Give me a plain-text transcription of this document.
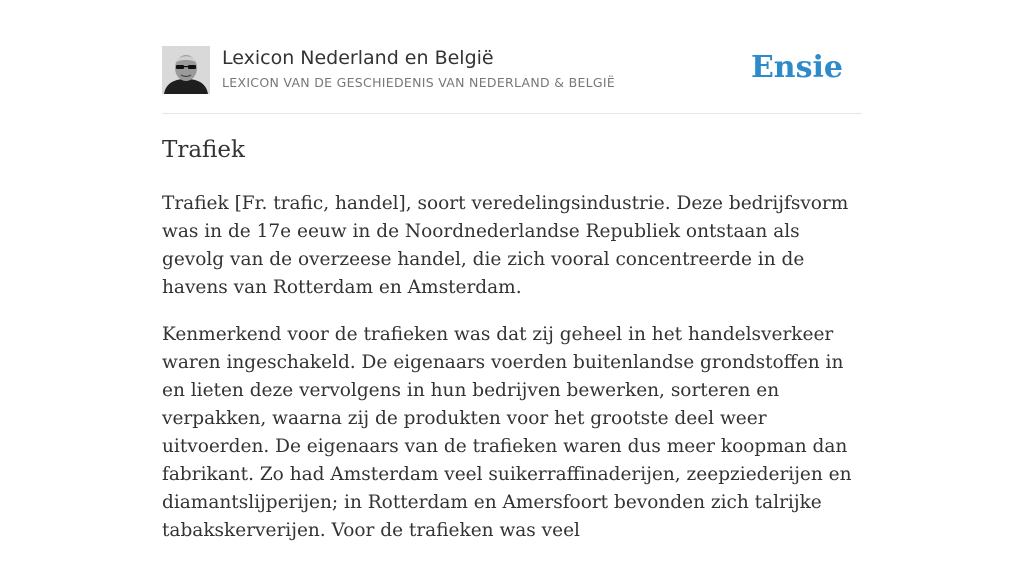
Lexicon Nederland en België
LEXICON VAN DE GESCHIEDENIS VAN NEDERLAND & BELGIË	Ensie
Trafiek

Trafiek [Fr. trafic, handel], soort veredelingsindustrie. Deze bedrijfsvorm was in de 17e eeuw in de Noordnederlandse Republiek ontstaan als gevolg van de overzeese handel, die zich vooral concentreerde in de havens van Rotterdam en Amsterdam.

Kenmerkend voor de trafieken was dat zij geheel in het handelsverkeer waren ingeschakeld. De eigenaars voerden buitenlandse grondstoffen in en lieten deze vervolgens in hun bedrijven bewerken, sorteren en verpakken, waarna zij de produkten voor het grootste deel weer uitvoerden. De eigenaars van de trafieken waren dus meer koopman dan fabrikant. Zo had Amsterdam veel suikerraffinaderijen, zeepziederijen en diamantslijperijen; in Rotterdam en Amersfoort bevonden zich talrijke tabakskerverijen. Voor de trafieken was veel
